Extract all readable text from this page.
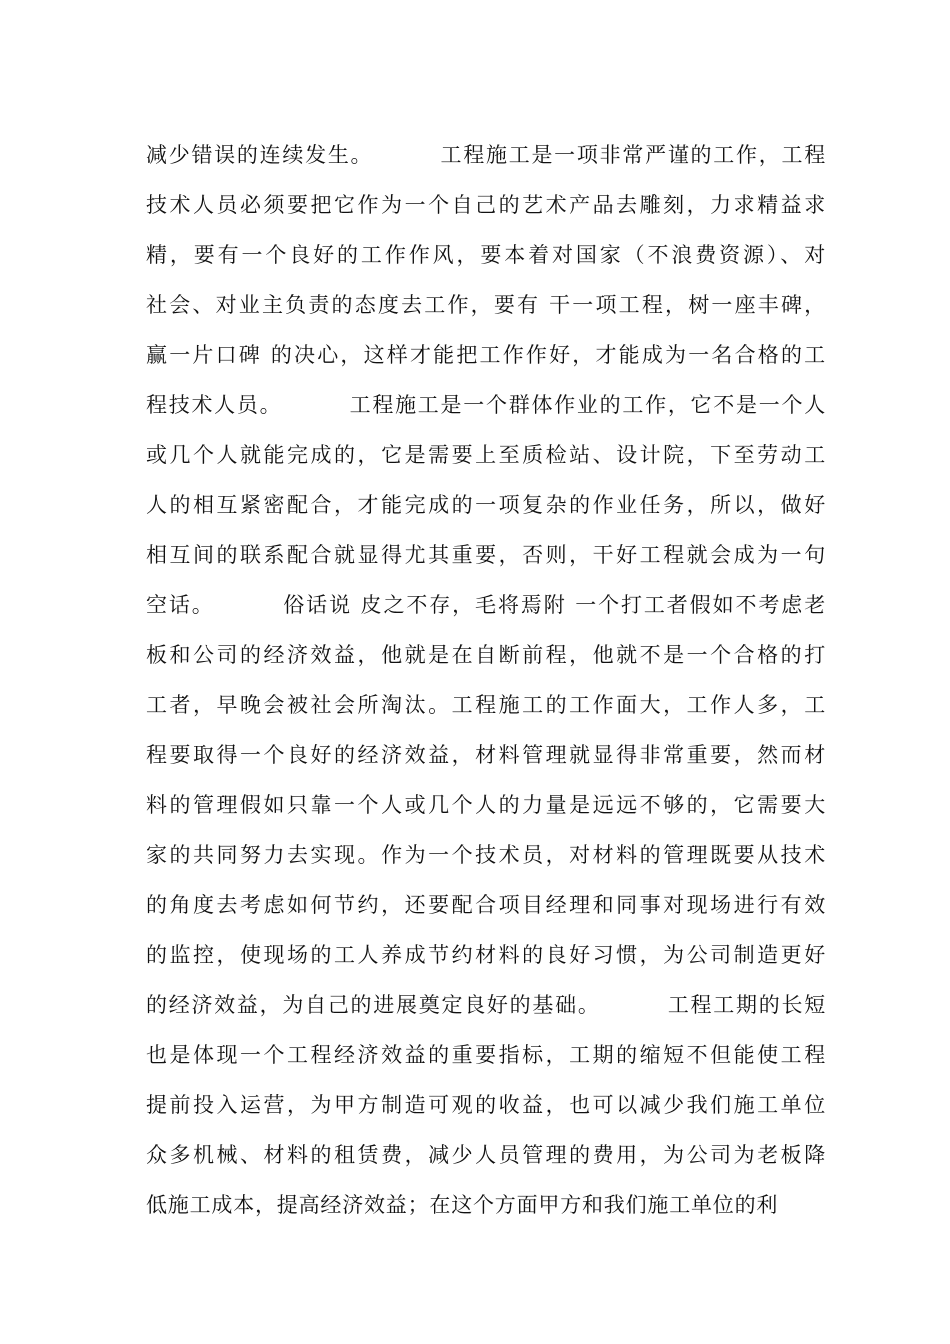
减少错误的连续发生。        工程施工是一项非常严谨的工作，工程
技术人员必须要把它作为一个自己的艺术产品去雕刻，力求精益求
精，要有一个良好的工作作风，要本着对国家（不浪费资源）、对
社会、对业主负责的态度去工作，要有 干一项工程，树一座丰碑，
赢一片口碑 的决心，这样才能把工作作好，才能成为一名合格的工
程技术人员。        工程施工是一个群体作业的工作，它不是一个人
或几个人就能完成的，它是需要上至质检站、设计院，下至劳动工
人的相互紧密配合，才能完成的一项复杂的作业任务，所以，做好
相互间的联系配合就显得尤其重要，否则，干好工程就会成为一句
空话。        俗话说 皮之不存，毛将焉附 一个打工者假如不考虑老
板和公司的经济效益，他就是在自断前程，他就不是一个合格的打
工者，早晚会被社会所淘汰。工程施工的工作面大，工作人多，工
程要取得一个良好的经济效益，材料管理就显得非常重要，然而材
料的管理假如只靠一个人或几个人的力量是远远不够的，它需要大
家的共同努力去实现。作为一个技术员，对材料的管理既要从技术
的角度去考虑如何节约，还要配合项目经理和同事对现场进行有效
的监控，使现场的工人养成节约材料的良好习惯，为公司制造更好
的经济效益，为自己的进展奠定良好的基础。        工程工期的长短
也是体现一个工程经济效益的重要指标，工期的缩短不但能使工程
提前投入运营，为甲方制造可观的收益，也可以减少我们施工单位
众多机械、材料的租赁费，减少人员管理的费用，为公司为老板降
低施工成本，提高经济效益；在这个方面甲方和我们施工单位的利
